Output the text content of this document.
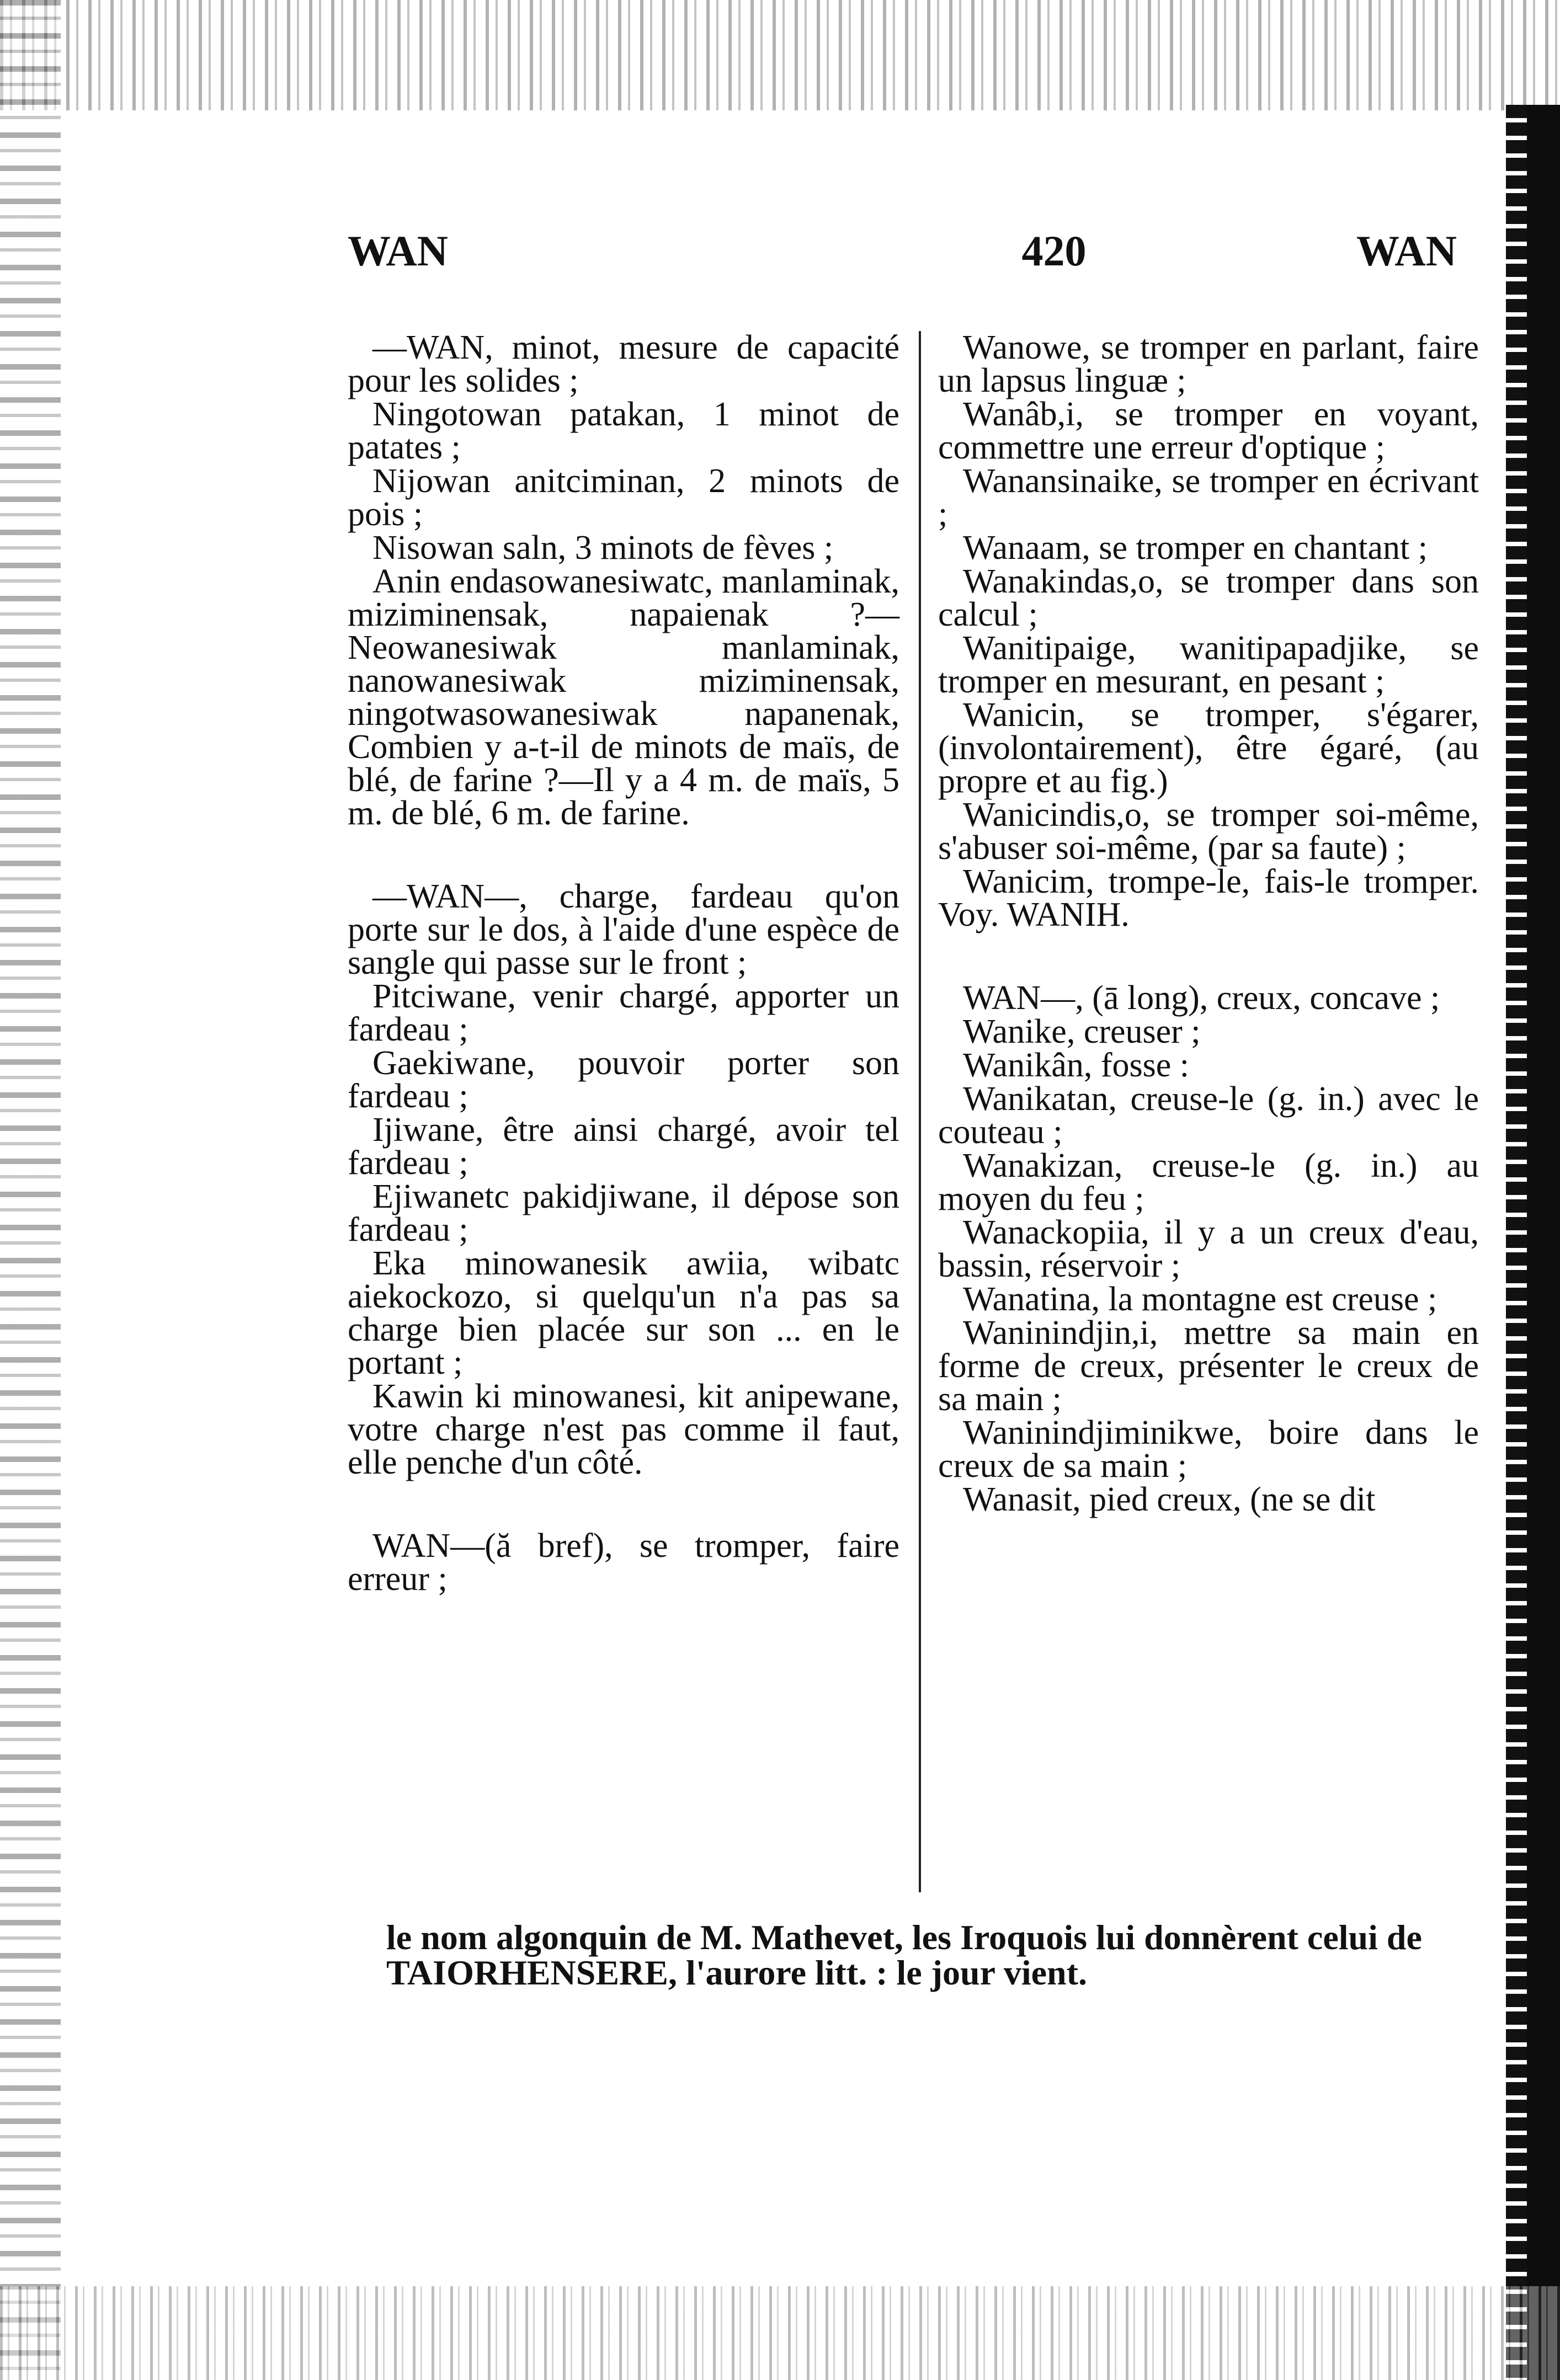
WAN	420	WAN

—WAN, minot, mesure de capacité pour les solides ;

Ningotowan patakan, 1 minot de patates ;

Nijowan anitciminan, 2 minots de pois ;

Nisowan saln, 3 minots de fèves ;

Anin endasowanesiwatc, manlaminak, miziminensak, napaienak ?—Neowanesiwak manlaminak, nanowanesiwak miziminensak, ningotwasowanesiwak napanenak, Combien y a-t-il de minots de maïs, de blé, de farine ?—Il y a 4 m. de maïs, 5 m. de blé, 6 m. de farine.

—WAN—, charge, fardeau qu'on porte sur le dos, à l'aide d'une espèce de sangle qui passe sur le front ;

Pitciwane, venir chargé, apporter un fardeau ;

Gaekiwane, pouvoir porter son fardeau ;

Ijiwane, être ainsi chargé, avoir tel fardeau ;

Ejiwanetc pakidjiwane, il dépose son fardeau ;

Eka minowanesik awiia, wibatc aiekockozo, si quelqu'un n'a pas sa charge bien placée sur son ... en le portant ;

Kawin ki minowanesi, kit anipewane, votre charge n'est pas comme il faut, elle penche d'un côté.

WAN—(ă bref), se tromper, faire erreur ;

Wanowe, se tromper en parlant, faire un lapsus linguæ ;

Wanâb,i, se tromper en voyant, commettre une erreur d'optique ;

Wanansinaike, se tromper en écrivant ;

Wanaam, se tromper en chantant ;

Wanakindas,o, se tromper dans son calcul ;

Wanitipaige, wanitipapadjike, se tromper en mesurant, en pesant ;

Wanicin, se tromper, s'égarer, (involontairement), être égaré, (au propre et au fig.)

Wanicindis,o, se tromper soi-même, s'abuser soi-même, (par sa faute) ;

Wanicim, trompe-le, fais-le tromper. Voy. WANIH.

WAN—, (ā long), creux, concave ;

Wanike, creuser ;

Wanikân, fosse :

Wanikatan, creuse-le (g. in.) avec le couteau ;

Wanakizan, creuse-le (g. in.) au moyen du feu ;

Wanackopiia, il y a un creux d'eau, bassin, réservoir ;

Wanatina, la montagne est creuse ;

Waninindjin,i, mettre sa main en forme de creux, présenter le creux de sa main ;

Waninindjiminikwe, boire dans le creux de sa main ;

Wanasit, pied creux, (ne se dit

le nom algonquin de M. Mathevet, les Iroquois lui donnèrent celui de TAIORHENSERE, l'aurore litt. : le jour vient.
